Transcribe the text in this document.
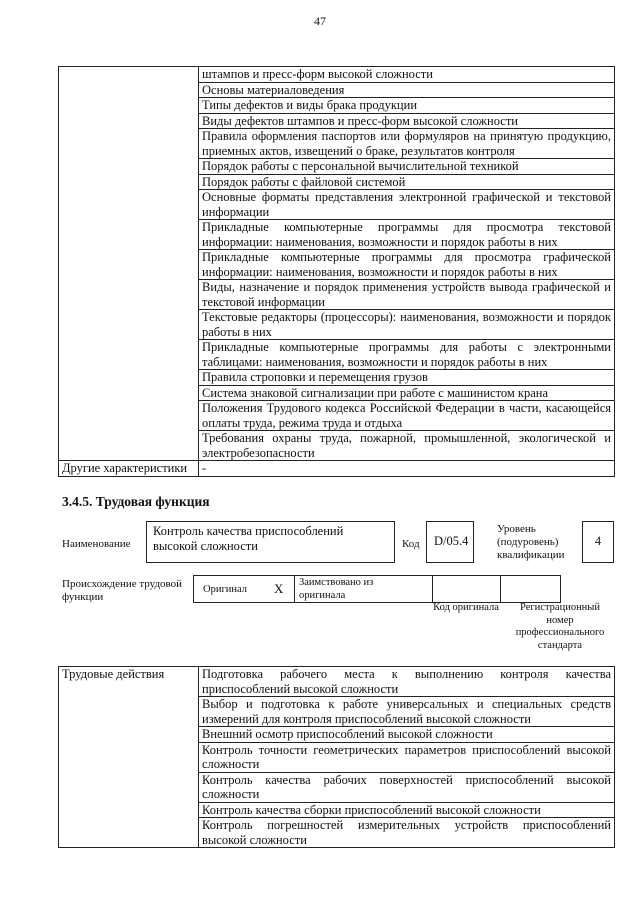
47
	штампов и пресс-форм высокой сложности
	Основы материаловедения
	Типы дефектов и виды брака продукции
	Виды дефектов штампов и пресс-форм высокой сложности
	Правила оформления паспортов или формуляров на принятую продукцию, приемных актов, извещений о браке, результатов контроля
	Порядок работы с персональной вычислительной техникой
	Порядок работы с файловой системой
	Основные форматы представления электронной графической и текстовой информации
	Прикладные компьютерные программы для просмотра текстовой информации: наименования, возможности и порядок работы в них
	Прикладные компьютерные программы для просмотра графической информации: наименования, возможности и порядок работы в них
	Виды, назначение и порядок применения устройств вывода графической и текстовой информации
	Текстовые редакторы (процессоры): наименования, возможности и порядок работы в них
	Прикладные компьютерные программы для работы с электронными таблицами: наименования, возможности и порядок работы в них
	Правила строповки и перемещения грузов
	Система знаковой сигнализации при работе с машинистом крана
	Положения Трудового кодекса Российской Федерации в части, касающейся оплаты труда, режима труда и отдыха
	Требования охраны труда, пожарной, промышленной, экологической и электробезопасности
Другие характеристики	-
3.4.5. Трудовая функция
Наименование
Контроль качества приспособлений высокой сложности	Код	D/05.4
Уровень (подуровень) квалификации
4
Происхождение трудовой функции
Оригинал X Заимствовано из оригинала
Код оригинала	Регистрационный номер профессионального стандарта
Трудовые действия	Подготовка рабочего места к выполнению контроля качества приспособлений высокой сложности
Выбор и подготовка к работе универсальных и специальных средств измерений для контроля приспособлений высокой сложности
Внешний осмотр приспособлений высокой сложности
Контроль точности геометрических параметров приспособлений высокой сложности
Контроль качества рабочих поверхностей приспособлений высокой сложности
Контроль качества сборки приспособлений высокой сложности
Контроль погрешностей измерительных устройств приспособлений высокой сложности
